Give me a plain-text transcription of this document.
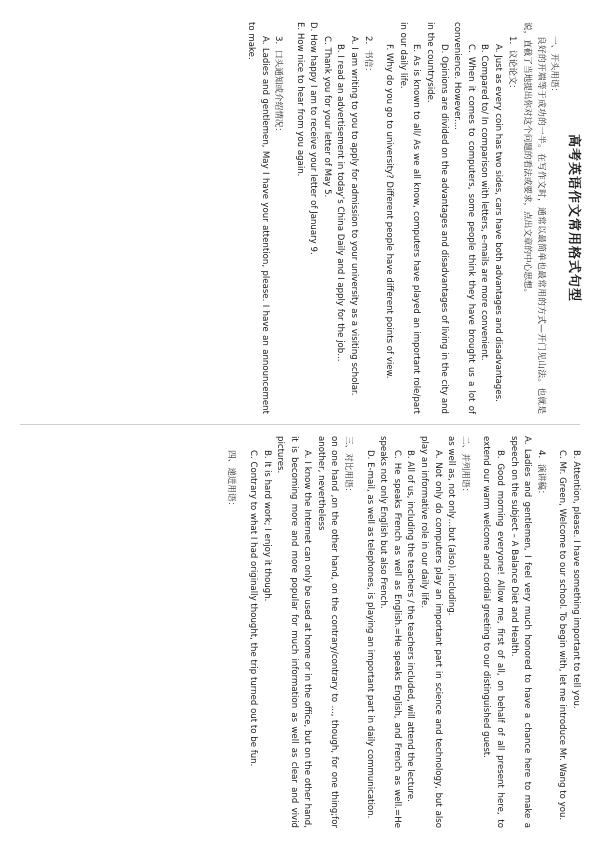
高考英语作文常用格式句型
一、开头用语：
良好的开端等于成功的一半。在写作文时，通常以最简单也最常用的方式—开门见山法。也就是说，直截了当地提出你对这个问题的看法或要求，点出文章的中心思想。
1．议论论文：
A. Just as every coin has two sides, cars have both advantages and disadvantages.
B. Compared to/ In comparison with letters, e-mails are more convenient.
C. When it comes to computers, some people think they have brought us a lot of convenience. However....
D. Opinions are divided on the advantages and disadvantages of living in the city and in the countryside.
E. As is known to all/ As we all know, computers have played an important role/part in our daily life.
F. Why do you go to university? Different people have different points of view.
2．书信：
A. I am writing to you to apply for admission to your university as a visiting scholar.
B. I read an advertisement in today’s China Daily and I apply for the job...
C. Thank you for your letter of May 5.
D. How happy I am to receive your letter of January 9.
E. How nice to hear from you again.
3．口头通知或介绍情况：
A. Ladies and gentlemen, May I have your attention, please. I have an announcement to make.
B. Attention, please. I have something important to tell you.
C. Mr. Green, Welcome to our school. To begin with, let me introduce Mr. Wang to you.
4．演讲稿：
A. Ladies and gentlemen, I feel very much honored to have a chance here to make a speech on the subject – A Balance Diet and Health.
B. Good morning everyone! Allow me, first of all, on behalf of all present here, to extend our warm welcome and cordial greeting to our distinguished guest.
二、并列用语：
as well as, not only…but (also), including.
A. Not only do computers play an important part in science and technology, but also play an informative role in our daily life.
B. All of us, including the teachers / the teachers included, will attend the lecture.
C. He speaks French as well as English.=He speaks English, and French as well.=He speaks not only English but also French.
D. E-mail, as well as telephones, is playing an important part in daily communication.
三、对比用语：
on one hand ,on the other hand, on the contrary/contrary to ..., though, for one thing;for another, nevertheless
A. I know the Internet can only be used at home or in the office, but on the other hand, it is becoming more and more popular for much information as well as clear and vivid pictures.
B. It is hard work; I enjoy it though.
C. Contrary to what I had originally thought, the trip turned out to be fun.
四、递进用语：
